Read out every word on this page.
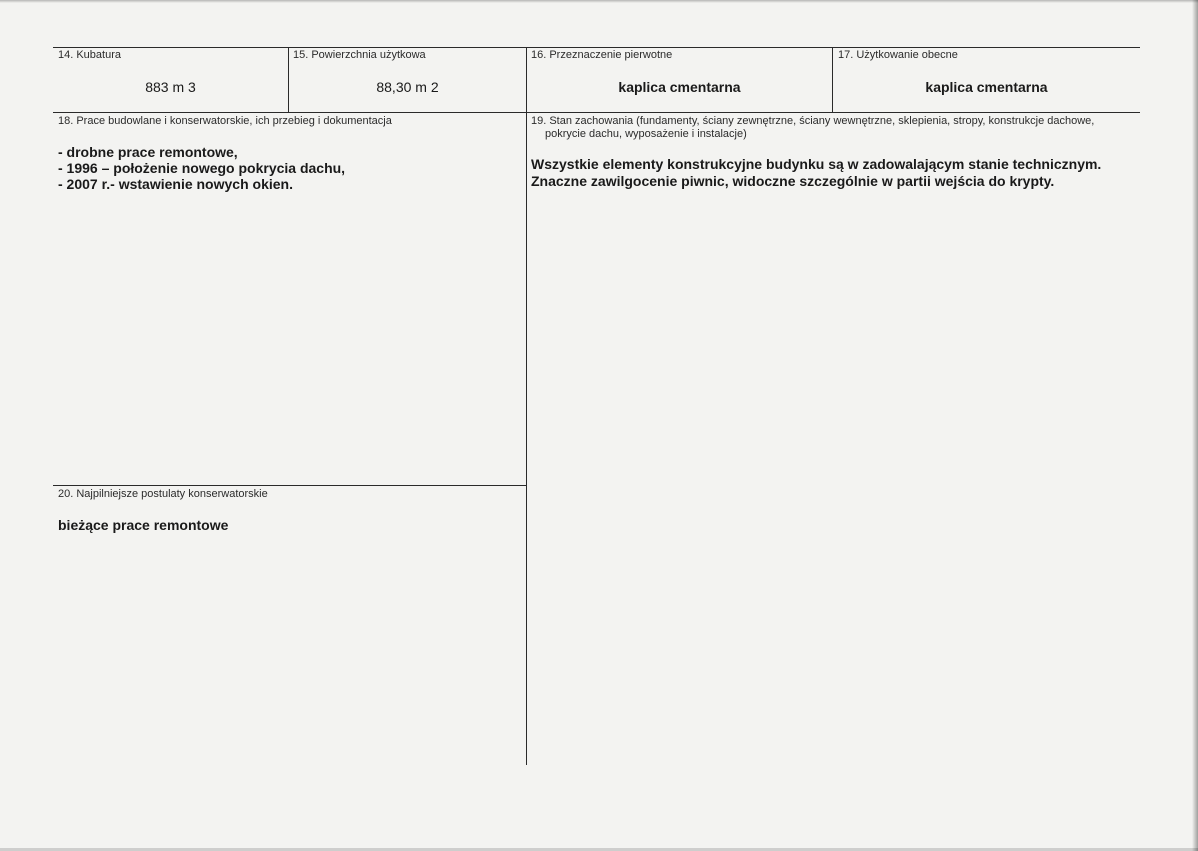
14. Kubatura
883 m 3
15. Powierzchnia użytkowa
88,30 m 2
16. Przeznaczenie pierwotne
kaplica cmentarna
17. Użytkowanie obecne
kaplica cmentarna
18. Prace budowlane i konserwatorskie, ich przebieg i dokumentacja
- drobne prace remontowe,
- 1996 – położenie nowego pokrycia dachu,
- 2007 r.- wstawienie nowych okien.
19. Stan zachowania (fundamenty, ściany zewnętrzne, ściany wewnętrzne, sklepienia, stropy, konstrukcje dachowe,
pokrycie dachu, wyposażenie i instalacje)
Wszystkie elementy konstrukcyjne budynku są w zadowalającym stanie technicznym.
Znaczne zawilgocenie piwnic, widoczne szczególnie w partii wejścia do krypty.
20. Najpilniejsze postulaty konserwatorskie
bieżące prace remontowe
